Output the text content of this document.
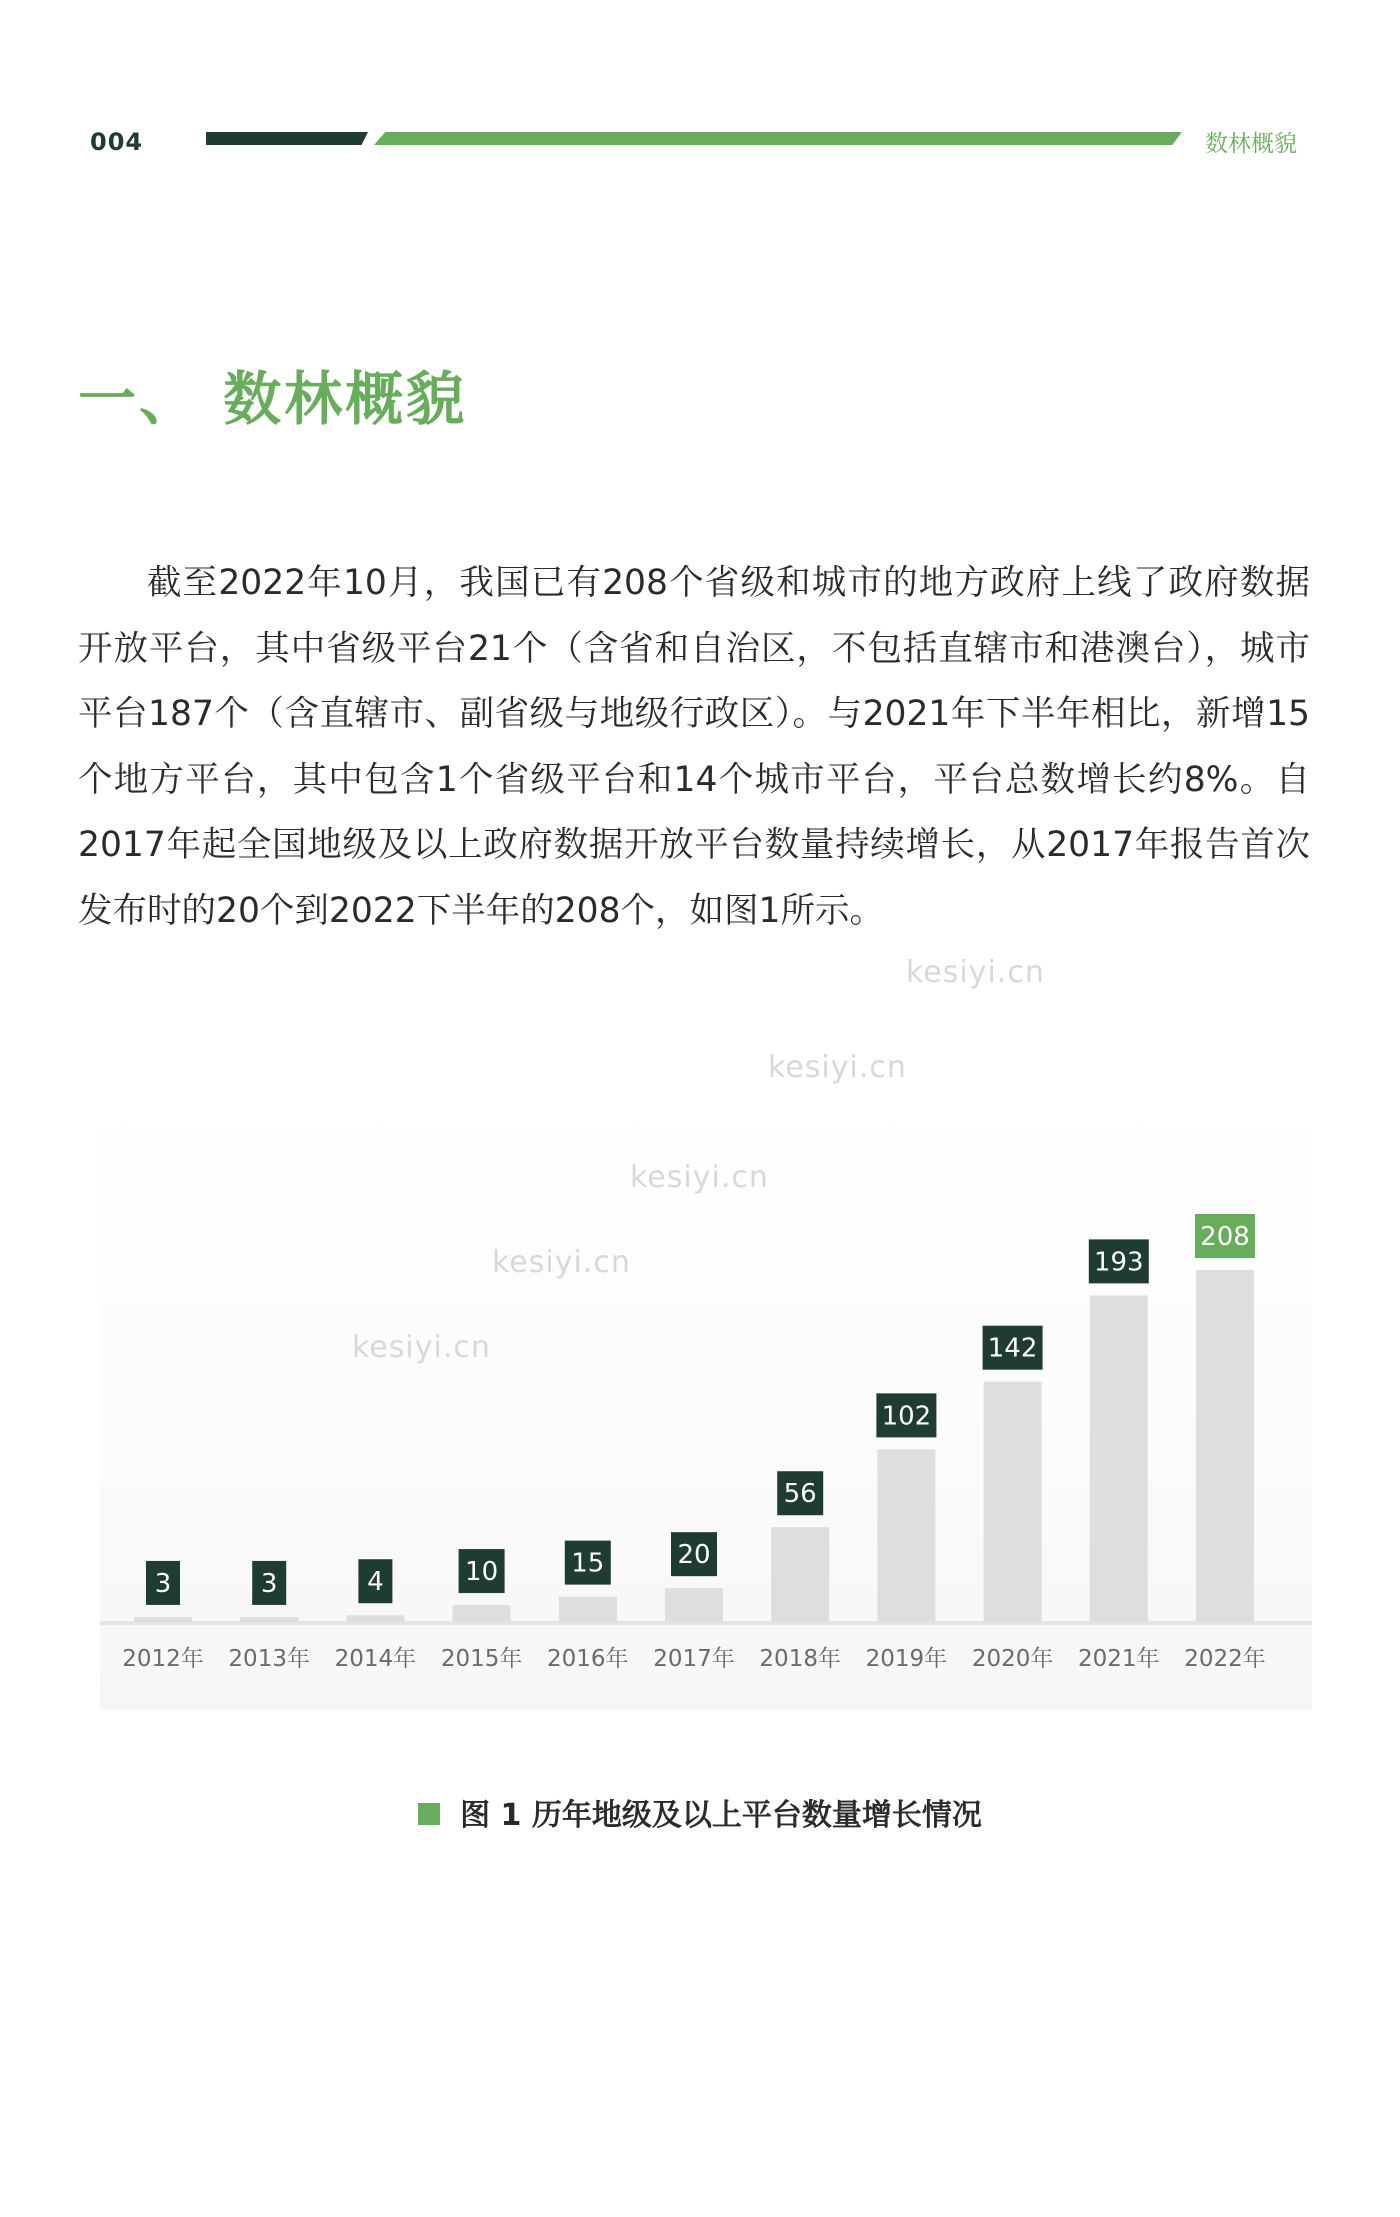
004	数林概貌
一、 数林概貌

截至2022年10月，我国已有208个省级和城市的地方政府上线了政府数据开放平台，其中省级平台21个（含省和自治区，不包括直辖市和港澳台），城市平台187个（含直辖市、副省级与地级行政区）。与2021年下半年相比，新增15个地方平台，其中包含1个省级平台和14个城市平台，平台总数增长约8%。自2017年起全国地级及以上政府数据开放平台数量持续增长，从2017年报告首次发布时的20个到2022下半年的208个，如图1所示。

kesiyi.cn
kesiyi.cn
kesiyi.cn
kesiyi.cn
kesiyi.cn
3
2012年
3
2013年
4
2014年
10
2015年
15
2016年
20
2017年
56
2018年
102
2019年
142
2020年
193
2021年
208
2022年
图 1 历年地级及以上平台数量增长情况
